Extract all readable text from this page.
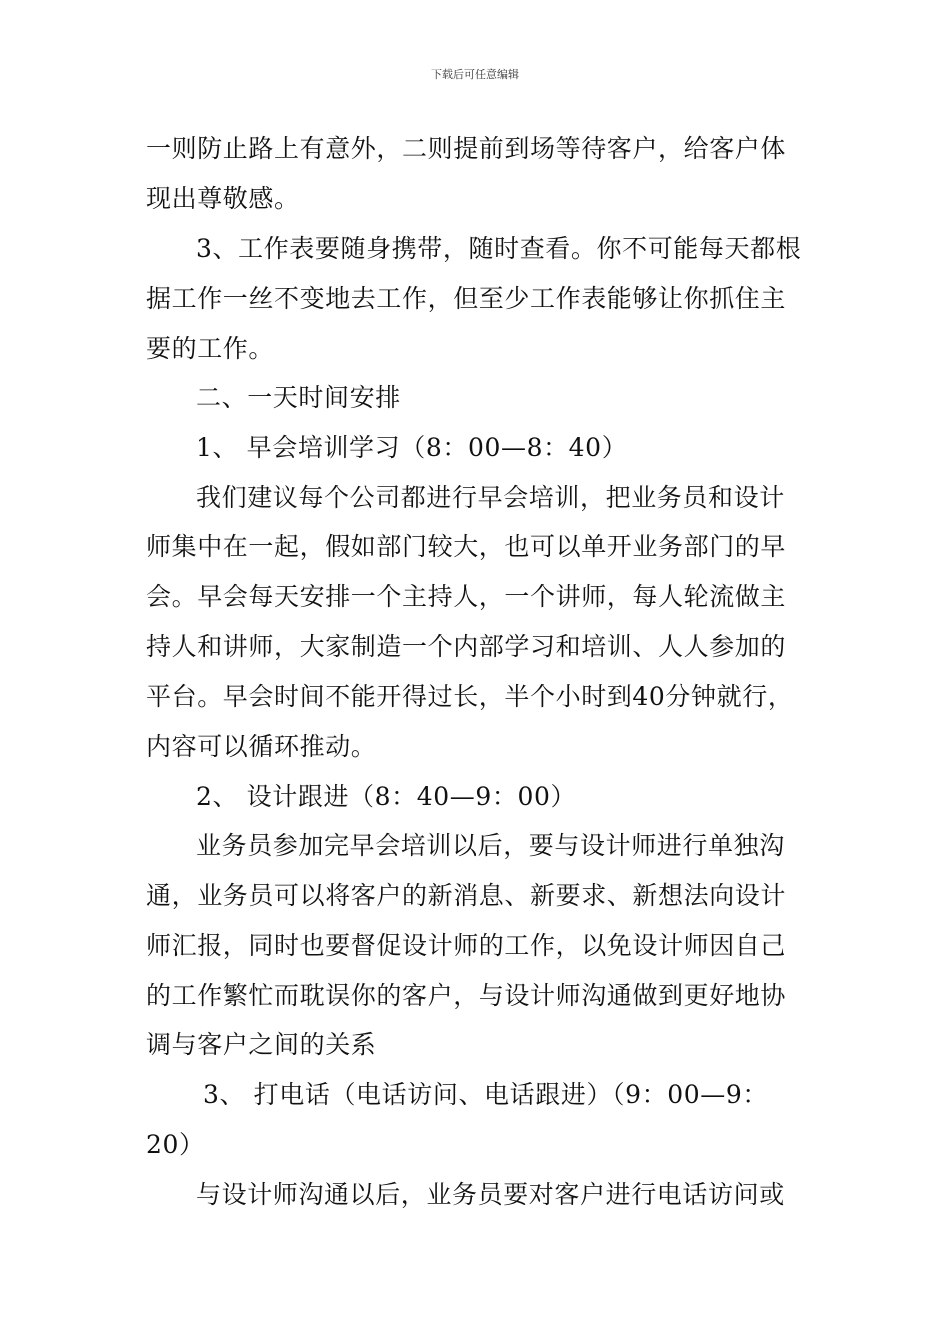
下载后可任意编辑
一则防止路上有意外，二则提前到场等待客户，给客户体
现出尊敬感。
3、工作表要随身携带，随时查看。你不可能每天都根
据工作一丝不变地去工作，但至少工作表能够让你抓住主
要的工作。
二、一天时间安排
1、 早会培训学习（8：00—8：40）
我们建议每个公司都进行早会培训，把业务员和设计
师集中在一起，假如部门较大，也可以单开业务部门的早
会。早会每天安排一个主持人，一个讲师，每人轮流做主
持人和讲师，大家制造一个内部学习和培训、人人参加的
平台。早会时间不能开得过长，半个小时到40分钟就行，
内容可以循环推动。
2、 设计跟进（8：40—9：00）
业务员参加完早会培训以后，要与设计师进行单独沟
通，业务员可以将客户的新消息、新要求、新想法向设计
师汇报，同时也要督促设计师的工作，以免设计师因自己
的工作繁忙而耽误你的客户，与设计师沟通做到更好地协
调与客户之间的关系
3、 打电话（电话访问、电话跟进）（9：00—9：
20）
与设计师沟通以后，业务员要对客户进行电话访问或
